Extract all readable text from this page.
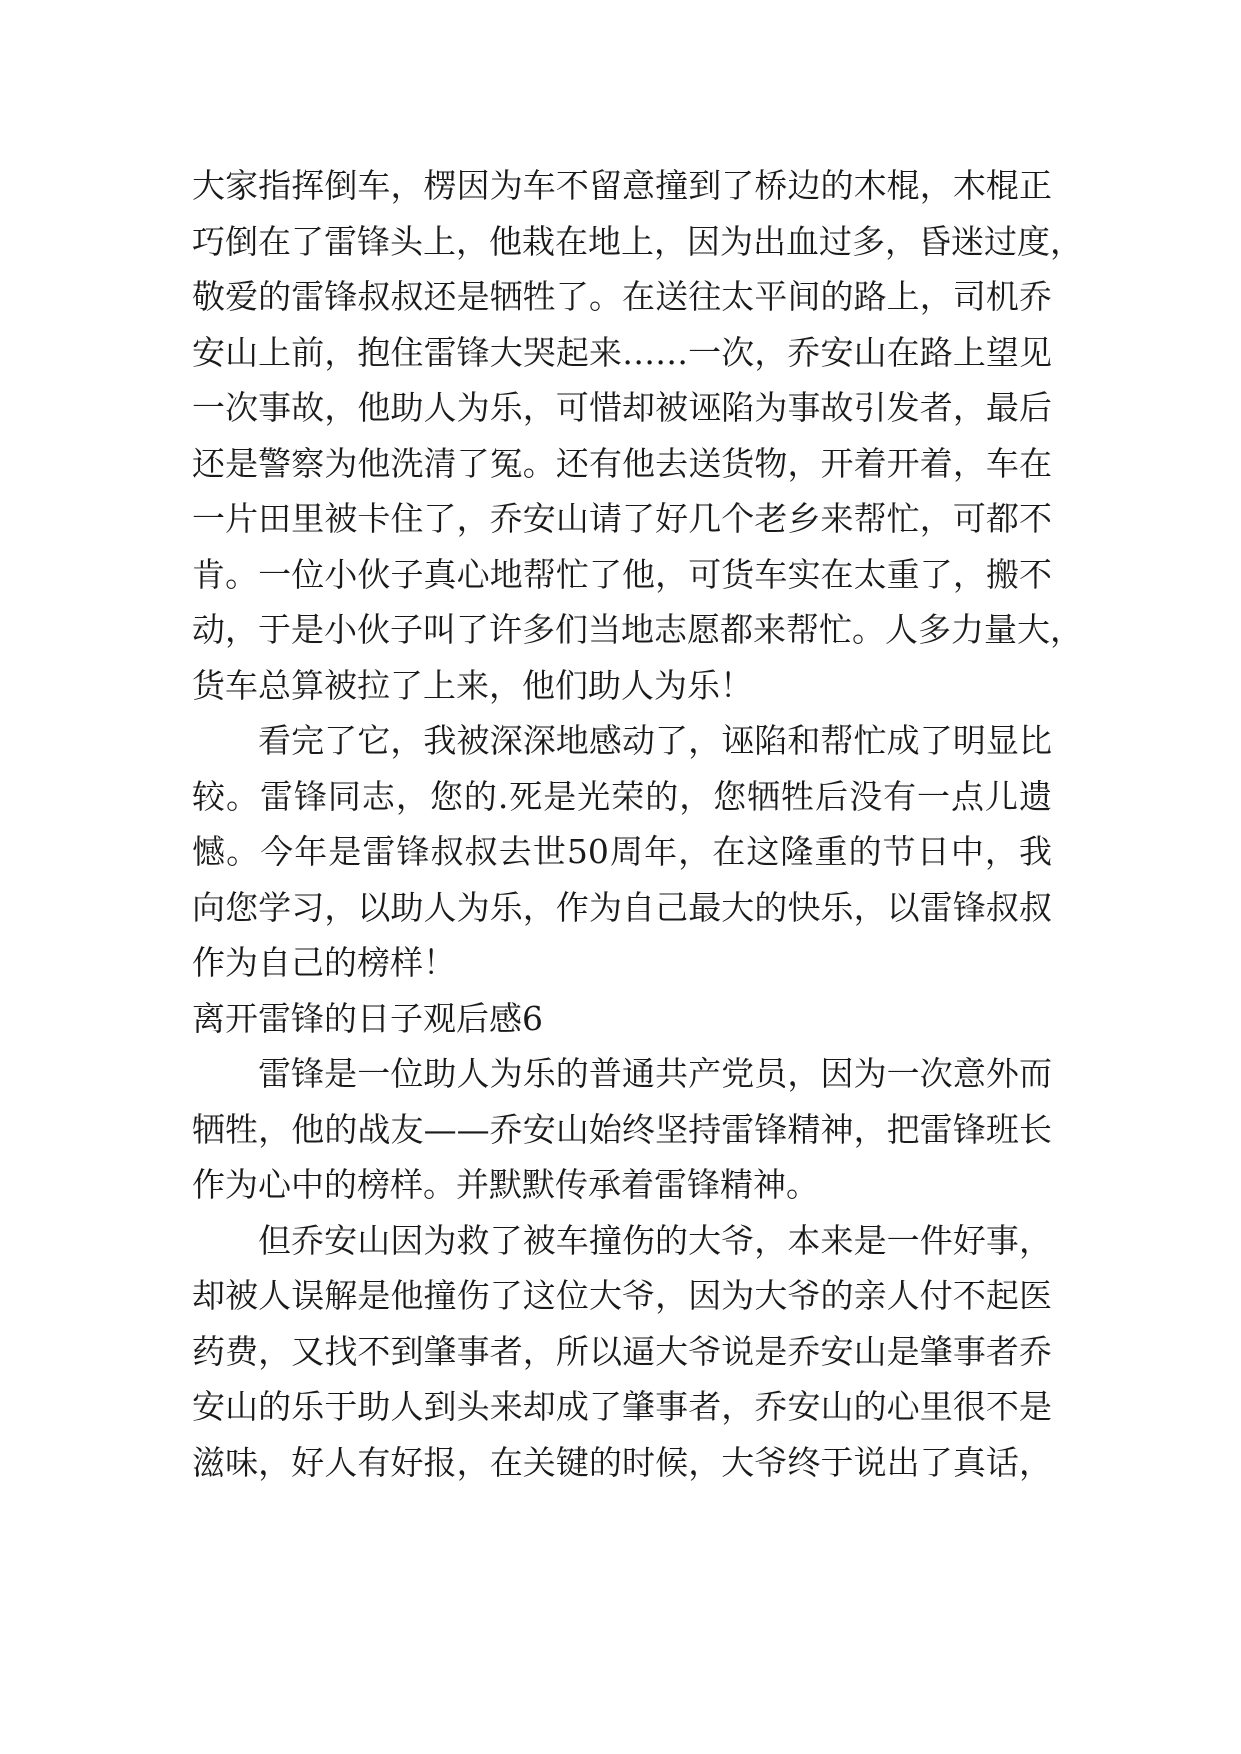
大家指挥倒车，楞因为车不留意撞到了桥边的木棍，木棍正
巧倒在了雷锋头上，他栽在地上，因为出血过多，昏迷过度，
敬爱的雷锋叔叔还是牺牲了。在送往太平间的路上，司机乔
安山上前，抱住雷锋大哭起来……一次，乔安山在路上望见
一次事故，他助人为乐，可惜却被诬陷为事故引发者，最后
还是警察为他洗清了冤。还有他去送货物，开着开着，车在
一片田里被卡住了，乔安山请了好几个老乡来帮忙，可都不
肯。一位小伙子真心地帮忙了他，可货车实在太重了，搬不
动，于是小伙子叫了许多们当地志愿都来帮忙。人多力量大，
货车总算被拉了上来，他们助人为乐！
看完了它，我被深深地感动了，诬陷和帮忙成了明显比
较。雷锋同志，您的.死是光荣的，您牺牲后没有一点儿遗
憾。今年是雷锋叔叔去世50周年，在这隆重的节日中，我
向您学习，以助人为乐，作为自己最大的快乐，以雷锋叔叔
作为自己的榜样！
离开雷锋的日子观后感6
雷锋是一位助人为乐的普通共产党员，因为一次意外而
牺牲，他的战友——乔安山始终坚持雷锋精神，把雷锋班长
作为心中的榜样。并默默传承着雷锋精神。
但乔安山因为救了被车撞伤的大爷，本来是一件好事，
却被人误解是他撞伤了这位大爷，因为大爷的亲人付不起医
药费，又找不到肇事者，所以逼大爷说是乔安山是肇事者乔
安山的乐于助人到头来却成了肇事者，乔安山的心里很不是
滋味，好人有好报，在关键的时候，大爷终于说出了真话，
